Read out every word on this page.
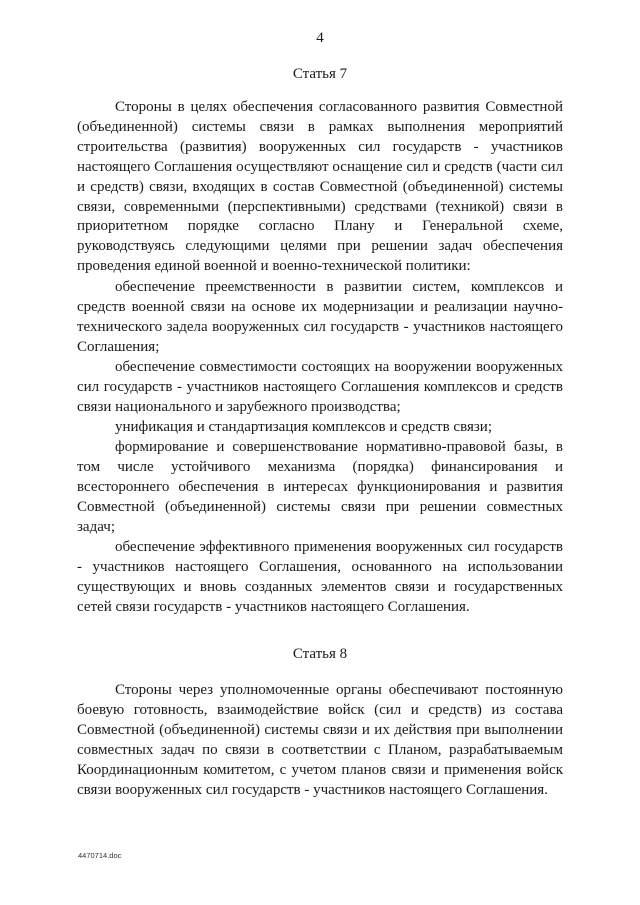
4
Статья 7

Стороны в целях обеспечения согласованного развития Совместной (объединенной) системы связи в рамках выполнения мероприятий строительства (развития) вооруженных сил государств - участников настоящего Соглашения осуществляют оснащение сил и средств (части сил и средств) связи, входящих в состав Совместной (объединенной) системы связи, современными (перспективными) средствами (техникой) связи в приоритетном порядке согласно Плану и Генеральной схеме, руководствуясь следующими целями при решении задач обеспечения проведения единой военной и военно-технической политики:

обеспечение преемственности в развитии систем, комплексов и средств военной связи на основе их модернизации и реализации научно-технического задела вооруженных сил государств - участников настоящего Соглашения;

обеспечение совместимости состоящих на вооружении вооруженных сил государств - участников настоящего Соглашения комплексов и средств связи национального и зарубежного производства;

унификация и стандартизация комплексов и средств связи;

формирование и совершенствование нормативно-правовой базы, в том числе устойчивого механизма (порядка) финансирования и всестороннего обеспечения в интересах функционирования и развития Совместной (объединенной) системы связи при решении совместных задач;

обеспечение эффективного применения вооруженных сил государств - участников настоящего Соглашения, основанного на использовании существующих и вновь созданных элементов связи и государственных сетей связи государств - участников настоящего Соглашения.

Статья 8

Стороны через уполномоченные органы обеспечивают постоянную боевую готовность, взаимодействие войск (сил и средств) из состава Совместной (объединенной) системы связи и их действия при выполнении совместных задач по связи в соответствии с Планом, разрабатываемым Координационным комитетом, с учетом планов связи и применения войск связи вооруженных сил государств - участников настоящего Соглашения.

4470714.doc
